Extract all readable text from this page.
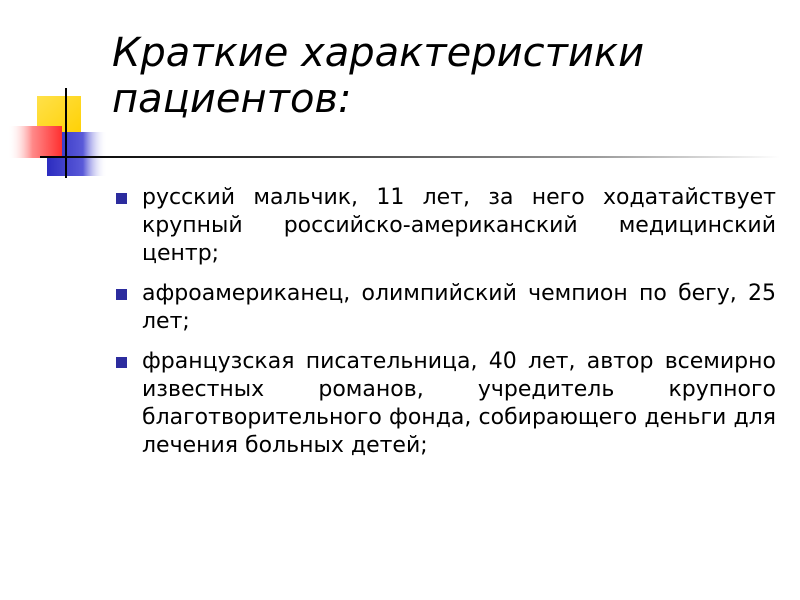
Краткие характеристики пациентов:
русский мальчик, 11 лет, за него ходатайствует крупный российско-американский медицинский центр;
афроамериканец, олимпийский чемпион по бегу, 25 лет;
французская писательница, 40 лет, автор всемирно известных романов, учредитель крупного благотворительного фонда, собирающего деньги для лечения больных детей;
